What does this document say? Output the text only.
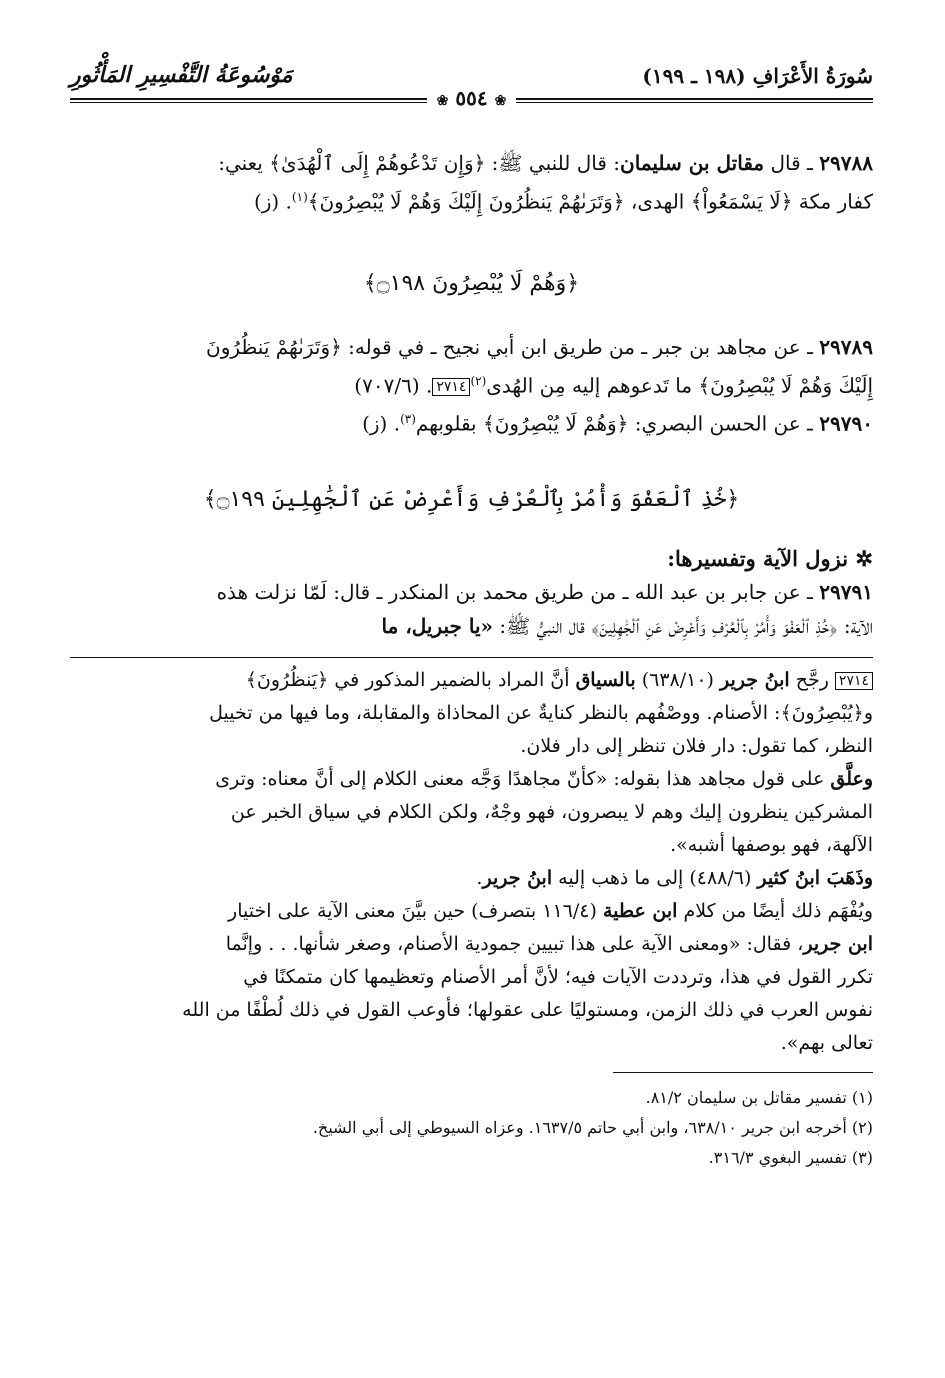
سُورَةُ الأَعْرَافِ (١٩٨ ـ ١٩٩)
مَوْسُوعَةُ التَّفْسِيرِ المَأْثُورِ
❀ ٥٥٤ ❀

٢٩٧٨٨ ـ قال مقاتل بن سليمان: قال للنبي ﷺ: ﴿وَإِن تَدْعُوهُمْ إِلَى ٱلْهُدَىٰ﴾ يعني:

كفار مكة ﴿لَا يَسْمَعُواْ﴾ الهدى، ﴿وَتَرَىٰهُمْ يَنظُرُونَ إِلَيْكَ وَهُمْ لَا يُبْصِرُونَ﴾$^{(١)}$. (ز)

﴿وَهُمْ لَا يُبْصِرُونَ ۝١٩٨﴾

٢٩٧٨٩ ـ عن مجاهد بن جبر ـ من طريق ابن أبي نجيح ـ في قوله: ﴿وَتَرَىٰهُمْ يَنظُرُونَ

إِلَيْكَ وَهُمْ لَا يُبْصِرُونَ﴾ ما تَدعوهم إليه مِن الهُدى$^{(٢)}$٢٧١٤. (٧٠٧/٦)

٢٩٧٩٠ ـ عن الحسن البصري: ﴿وَهُمْ لَا يُبْصِرُونَ﴾ بقلوبهم$^{(٣)}$. (ز)

﴿خُذِ ٱلْعَفْوَ وَأْمُرْ بِٱلْعُرْفِ وَأَعْرِضْ عَنِ ٱلْجَٰهِلِينَ ۝١٩٩﴾

✲ نزول الآية وتفسيرها:

٢٩٧٩١ ـ عن جابر بن عبد الله ـ من طريق محمد بن المنكدر ـ قال: لَمّا نزلت هذه

الآية: ﴿خُذِ ٱلْعَفْوَ وَأْمُرْ بِٱلْعُرْفِ وَأَعْرِضْ عَنِ ٱلْجَٰهِلِينَ﴾ قال النبيُّ ﷺ: «يا جبريل، ما

٢٧١٤ رجَّح ابنُ جرير (٦٣٨/١٠) بالسياق أنَّ المراد بالضمير المذكور في ﴿يَنظُرُونَ﴾

و﴿يُبْصِرُونَ﴾: الأصنام. ووصْفُهم بالنظر كنايةٌ عن المحاذاة والمقابلة، وما فيها من تخييل

النظر، كما تقول: دار فلان تنظر إلى دار فلان.

وعلَّق على قول مجاهد هذا بقوله: «كأنّ مجاهدًا وَجَّه معنى الكلام إلى أنَّ معناه: وترى

المشركين ينظرون إليك وهم لا يبصرون، فهو وجْهٌ، ولكن الكلام في سياق الخبر عن

الآلهة، فهو بوصفها أشبه».

وذَهَبَ ابنُ كثير (٤٨٨/٦) إلى ما ذهب إليه ابنُ جرير.

ويُفْهَم ذلك أيضًا من كلام ابن عطية (١١٦/٤ بتصرف) حين بيَّنَ معنى الآية على اختيار

ابن جرير، فقال: «ومعنى الآية على هذا تبيين جمودية الأصنام، وصغر شأنها. . . وإنَّما

تكرر القول في هذا، وترددت الآيات فيه؛ لأنَّ أمر الأصنام وتعظيمها كان متمكنًا في

نفوس العرب في ذلك الزمن، ومستوليًا على عقولها؛ فأوعب القول في ذلك لُطْفًا من الله

تعالى بهم».

(١) تفسير مقاتل بن سليمان ٨١/٢.

(٢) أخرجه ابن جرير ٦٣٨/١٠، وابن أبي حاتم ١٦٣٧/٥. وعزاه السيوطي إلى أبي الشيخ.

(٣) تفسير البغوي ٣١٦/٣.
